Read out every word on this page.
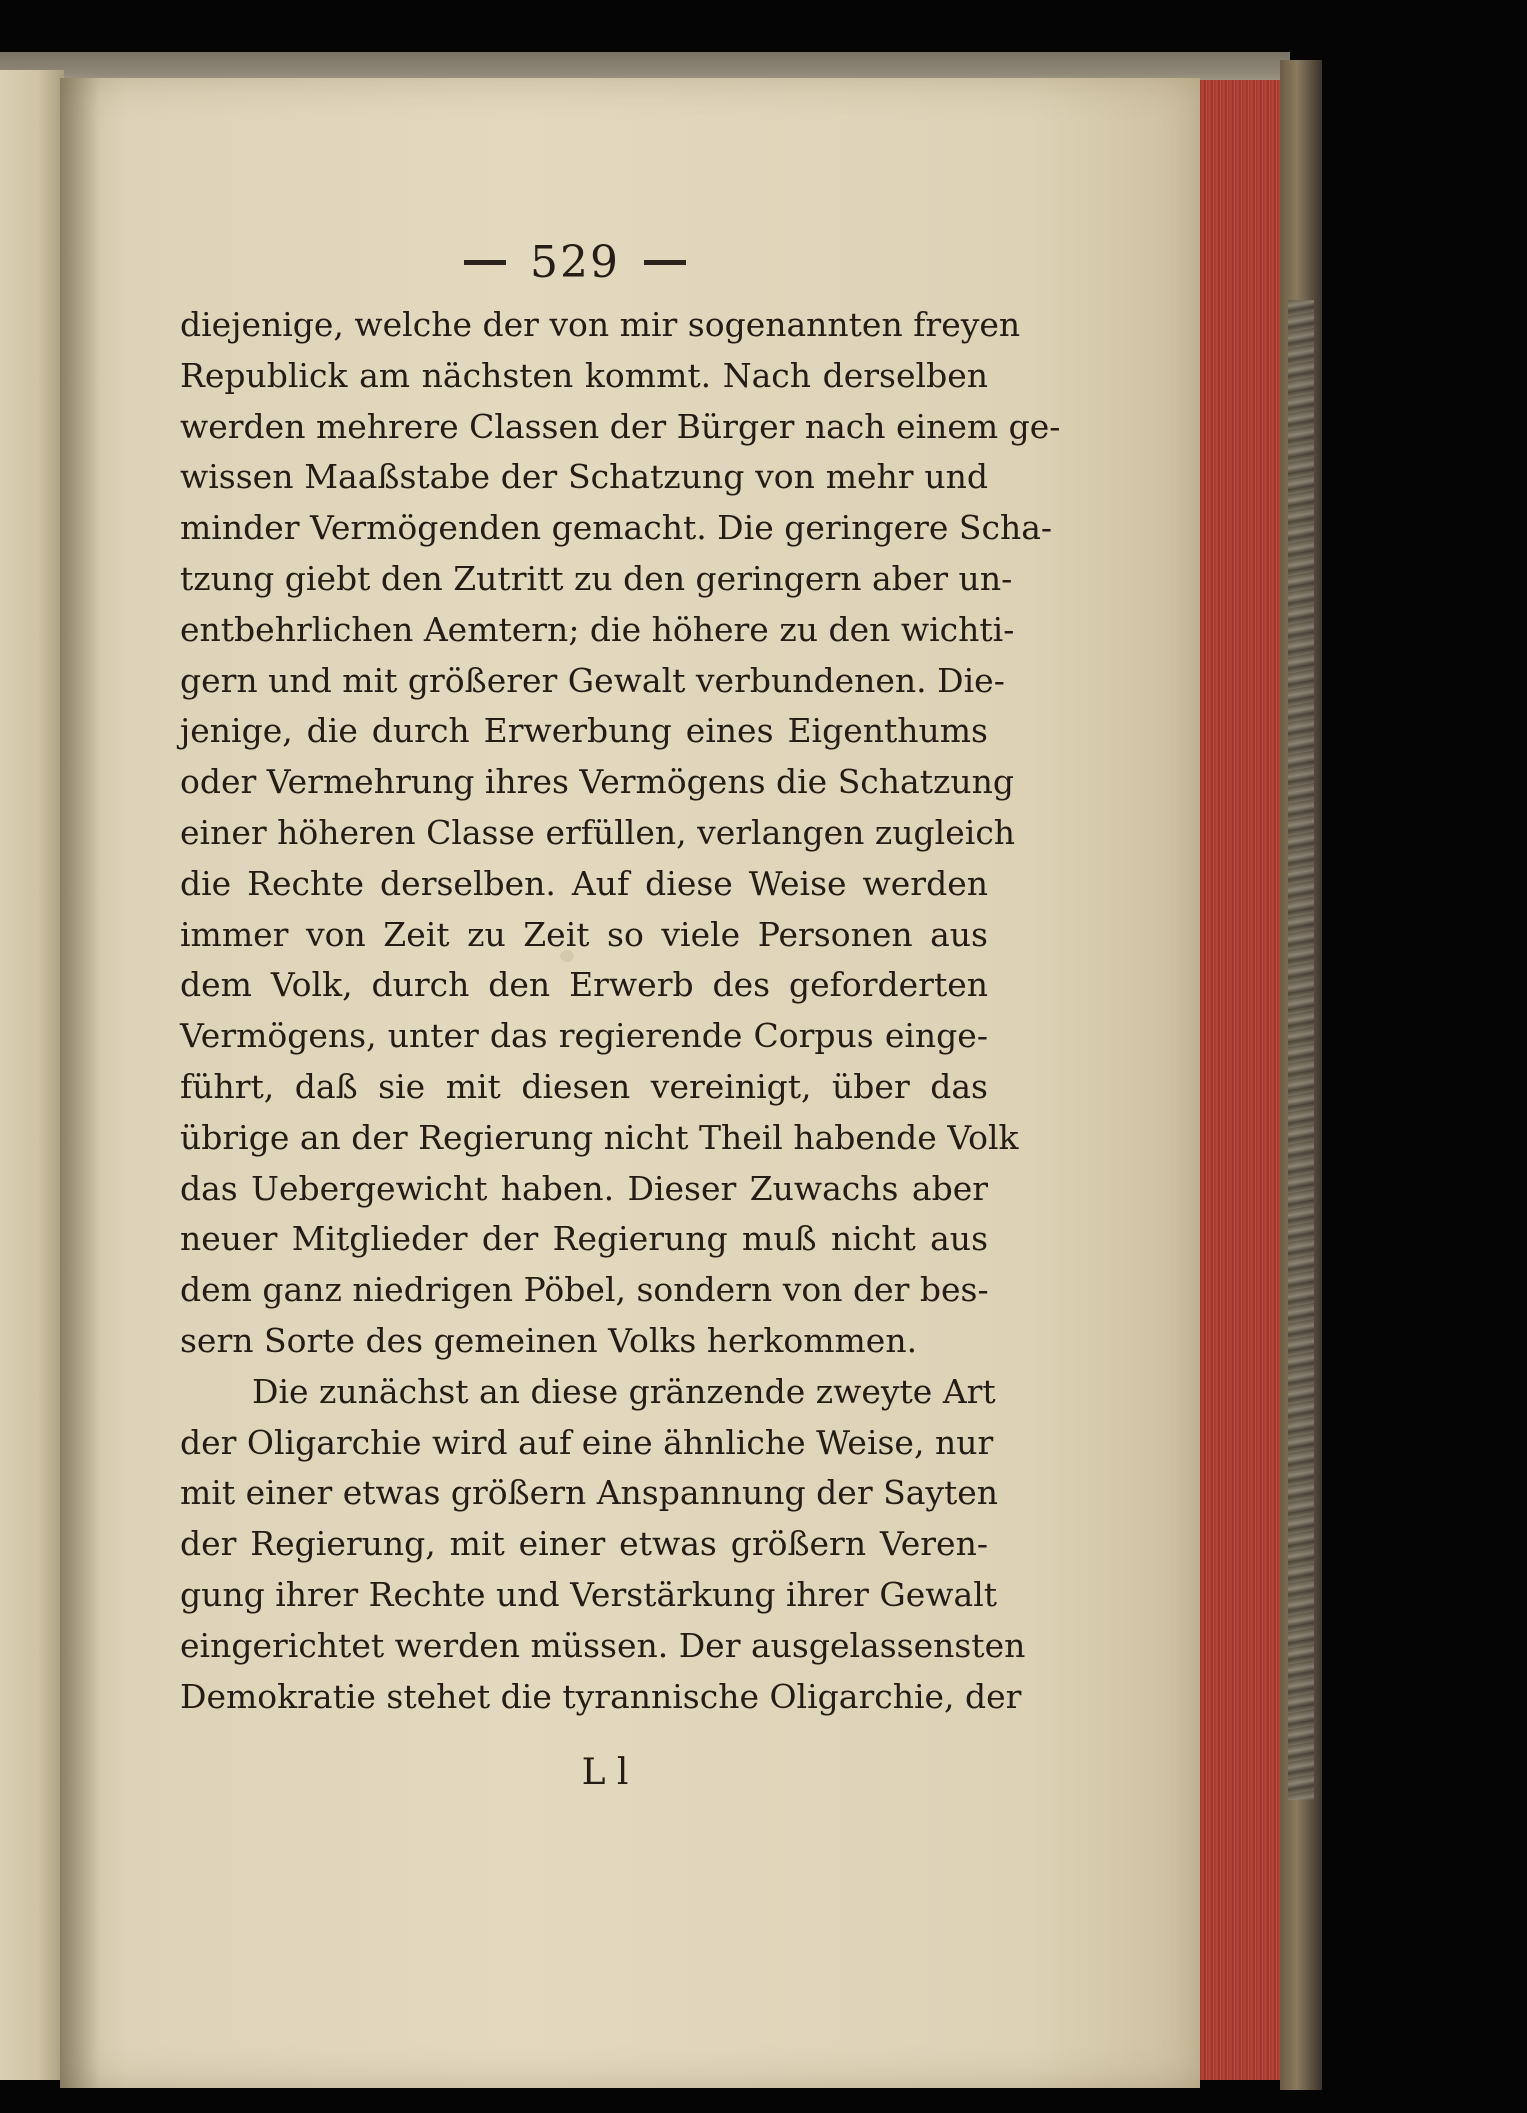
529
diejenige, welche der von mir sogenannten freyen
Republick am nächsten kommt. Nach derselben
werden mehrere Classen der Bürger nach einem ge-
wissen Maaßstabe der Schatzung von mehr und
minder Vermögenden gemacht. Die geringere Scha-
tzung giebt den Zutritt zu den geringern aber un-
entbehrlichen Aemtern; die höhere zu den wichti-
gern und mit größerer Gewalt verbundenen. Die-
jenige, die durch Erwerbung eines Eigenthums
oder Vermehrung ihres Vermögens die Schatzung
einer höheren Classe erfüllen, verlangen zugleich
die Rechte derselben. Auf diese Weise werden
immer von Zeit zu Zeit so viele Personen aus
dem Volk, durch den Erwerb des geforderten
Vermögens, unter das regierende Corpus einge-
führt, daß sie mit diesen vereinigt, über das
übrige an der Regierung nicht Theil habende Volk
das Uebergewicht haben. Dieser Zuwachs aber
neuer Mitglieder der Regierung muß nicht aus
dem ganz niedrigen Pöbel, sondern von der bes-
sern Sorte des gemeinen Volks herkommen.
Die zunächst an diese gränzende zweyte Art
der Oligarchie wird auf eine ähnliche Weise, nur
mit einer etwas größern Anspannung der Sayten
der Regierung, mit einer etwas größern Veren-
gung ihrer Rechte und Verstärkung ihrer Gewalt
eingerichtet werden müssen. Der ausgelassensten
Demokratie stehet die tyrannische Oligarchie, der
L l
